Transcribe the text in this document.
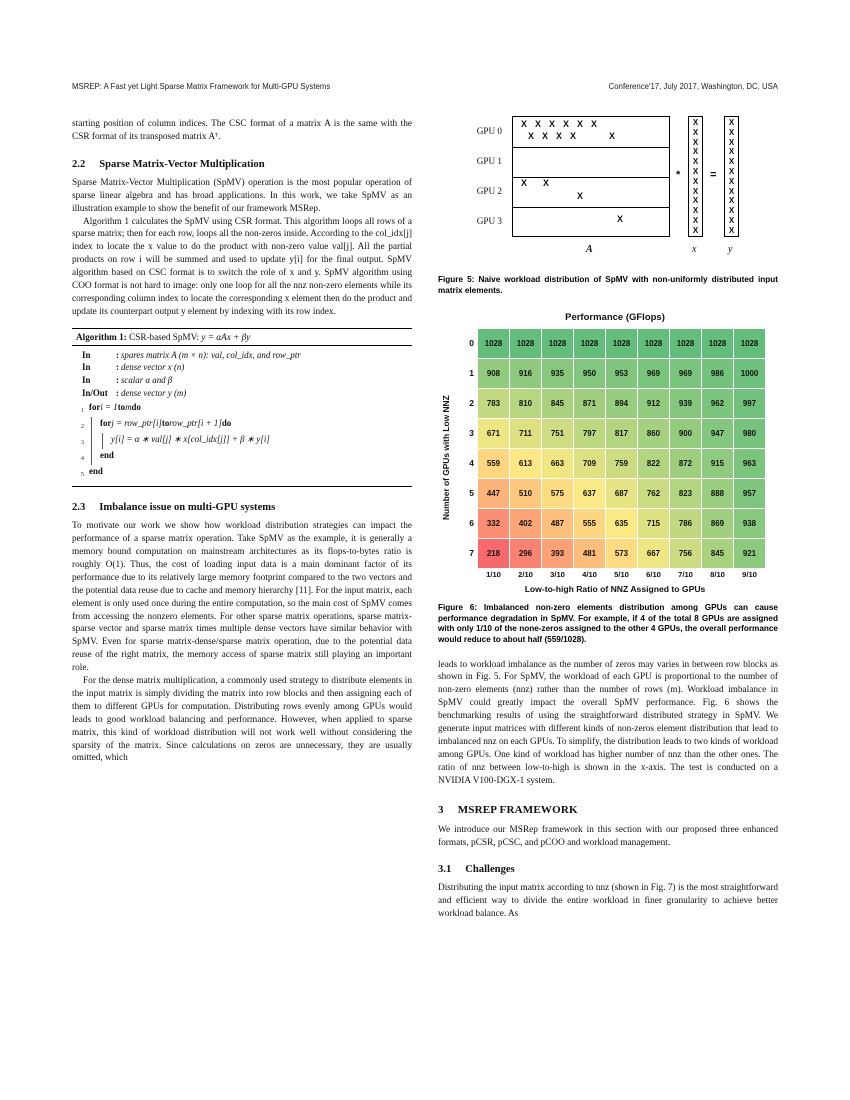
MSREP: A Fast yet Light Sparse Matrix Framework for Multi-GPU Systems	Conference'17, July 2017, Washington, DC, USA

starting position of column indices. The CSC format of a matrix A is the same with the CSR format of its transposed matrix Aᵀ.

2.2 Sparse Matrix-Vector Multiplication

Sparse Matrix-Vector Multiplication (SpMV) operation is the most popular operation of sparse linear algebra and has broad applications. In this work, we take SpMV as an illustration example to show the benefit of our framework MSRep.

Algorithm 1 calculates the SpMV using CSR format. This algorithm loops all rows of a sparse matrix; then for each row, loops all the non-zeros inside. According to the col_idx[j] index to locate the x value to do the product with non-zero value val[j]. All the partial products on row i will be summed and used to update y[i] for the final output. SpMV algorithm based on CSC format is to switch the role of x and y. SpMV algorithm using COO format is not hard to image: only one loop for all the nnz non-zero elements while its corresponding column index to locate the corresponding x element then do the product and update its counterpart output y element by indexing with its row index.

Algorithm 1: CSR-based SpMV: y = αAx + βy
In	: spares matrix A (m × n): val, col_idx, and row_ptr
In	: dense vector x (n)
In	: scalar α and β
In/Out	: dense vector y (m)
1 for i = 1 to m do
2 for j = row_ptr[i] to row_ptr[i + 1] do
3	y[i] = α ∗ val[j] ∗ x[col_idx[j]] + β ∗ y[i]
4 end
5 end
2.3 Imbalance issue on multi-GPU systems

To motivate our work we show how workload distribution strategies can impact the performance of a sparse matrix operation. Take SpMV as the example, it is generally a memory bound computation on mainstream architectures as its flops-to-bytes ratio is roughly O(1). Thus, the cost of loading input data is a main dominant factor of its performance due to its relatively large memory footprint compared to the two vectors and the potential data reuse due to cache and memory hierarchy [11]. For the input matrix, each element is only used once during the entire computation, so the main cost of SpMV comes from accessing the nonzero elements. For other sparse matrix operations, sparse matrix-sparse vector and sparse matrix times multiple dense vectors have similar behavior with SpMV. Even for sparse matrix-dense/sparse matrix operation, due to the potential data reuse of the right matrix, the memory access of sparse matrix still playing an important role.

For the dense matrix multiplication, a commonly used strategy to distribute elements in the input matrix is simply dividing the matrix into row blocks and then assigning each of them to different GPUs for computation. Distributing rows evenly among GPUs would leads to good workload balancing and performance. However, when applied to sparse matrix, this kind of workload distribution will not work well without considering the sparsity of the matrix. Since calculations on zeros are unnecessary, they are usually omitted, which

GPU 0
GPU 1
GPU 2
GPU 3
X X X X X X
X X X X	X
X X
X
X
*
X
X
X
X
X
X
X
X
X
X
X
X
=
X
X
X
X
X
X
X
X
X
X
X
X
A	x	y

Figure 5: Naive workload distribution of SpMV with non-uniformly distributed input matrix elements.

Performance (GFlops)
Number of GPUs with Low NNZ
0	1028	1028	1028	1028	1028	1028	1028	1028	1028
1	908	916	935	950	953	969	969	986	1000
2	783	810	845	871	894	912	939	962	997
3	671	711	751	797	817	860	900	947	980
4	559	613	663	709	759	822	872	915	963
5	447	510	575	637	687	762	823	888	957
6	332	402	487	555	635	715	786	869	938
7	218	296	393	481	573	667	756	845	921
1/10	2/10	3/10	4/10	5/10	6/10	7/10	8/10	9/10
Low-to-high Ratio of NNZ Assigned to GPUs

Figure 6: Imbalanced non-zero elements distribution among GPUs can cause performance degradation in SpMV. For example, if 4 of the total 8 GPUs are assigned with only 1/10 of the none-zeros assigned to the other 4 GPUs, the overall performance would reduce to about half (559/1028).

leads to workload imbalance as the number of zeros may varies in between row blocks as shown in Fig. 5. For SpMV, the workload of each GPU is proportional to the number of non-zero elements (nnz) rather than the number of rows (m). Workload imbalance in SpMV could greatly impact the overall SpMV performance. Fig. 6 shows the benchmarking results of using the straightforward distributed strategy in SpMV. We generate input matrices with different kinds of non-zeros element distribution that lead to imbalanced nnz on each GPUs. To simplify, the distribution leads to two kinds of workload among GPUs. One kind of workload has higher number of nnz than the other ones. The ratio of nnz between low-to-high is shown in the x-axis. The test is conducted on a NVIDIA V100-DGX-1 system.

3 MSREP FRAMEWORK

We introduce our MSRep framework in this section with our proposed three enhanced formats, pCSR, pCSC, and pCOO and workload management.

3.1 Challenges

Distributing the input matrix according to nnz (shown in Fig. 7) is the most straightforward and efficient way to divide the entire workload in finer granularity to achieve better workload balance. As
